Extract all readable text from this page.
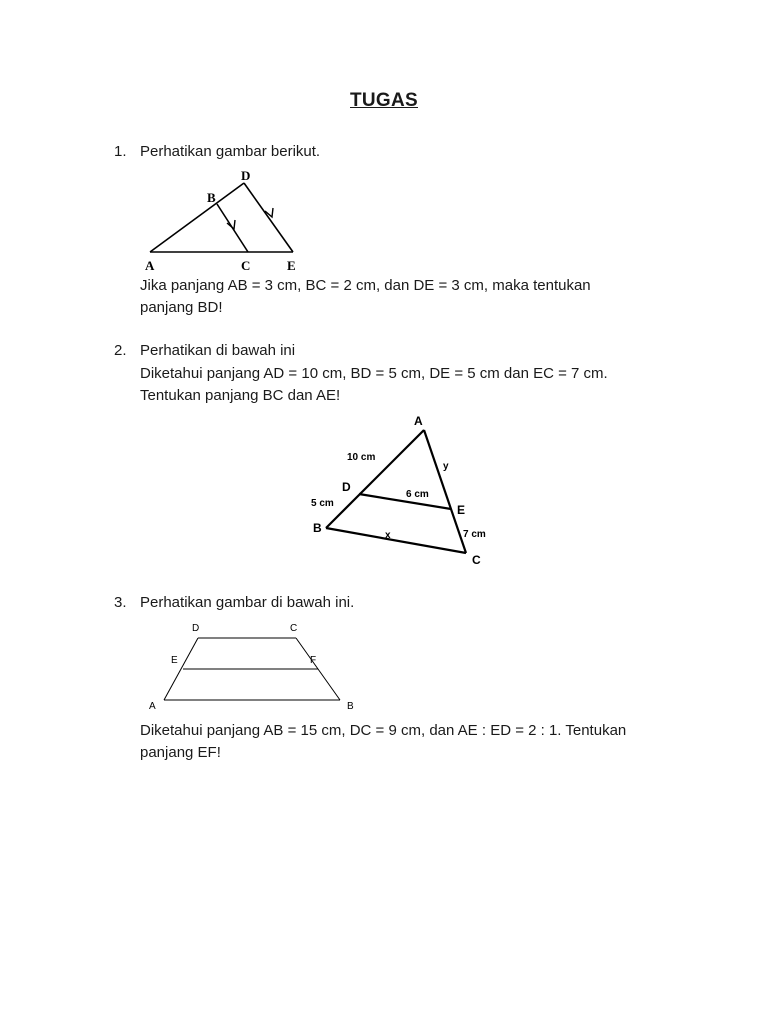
TUGAS
1. Perhatikan gambar berikut.
D
B
A	C	E
Jika panjang AB = 3 cm, BC = 2 cm, dan DE = 3 cm, maka tentukan
panjang BD!
2. Perhatikan di bawah ini
Diketahui panjang AD = 10 cm, BD = 5 cm, DE = 5 cm dan EC = 7 cm.
Tentukan panjang BC dan AE!
A
D
B
E
C
10 cm
5 cm
6 cm
7 cm
y
x
3. Perhatikan gambar di bawah ini.
D	C
E	F
A	B
Diketahui panjang AB = 15 cm, DC = 9 cm, dan AE : ED = 2 : 1. Tentukan
panjang EF!
